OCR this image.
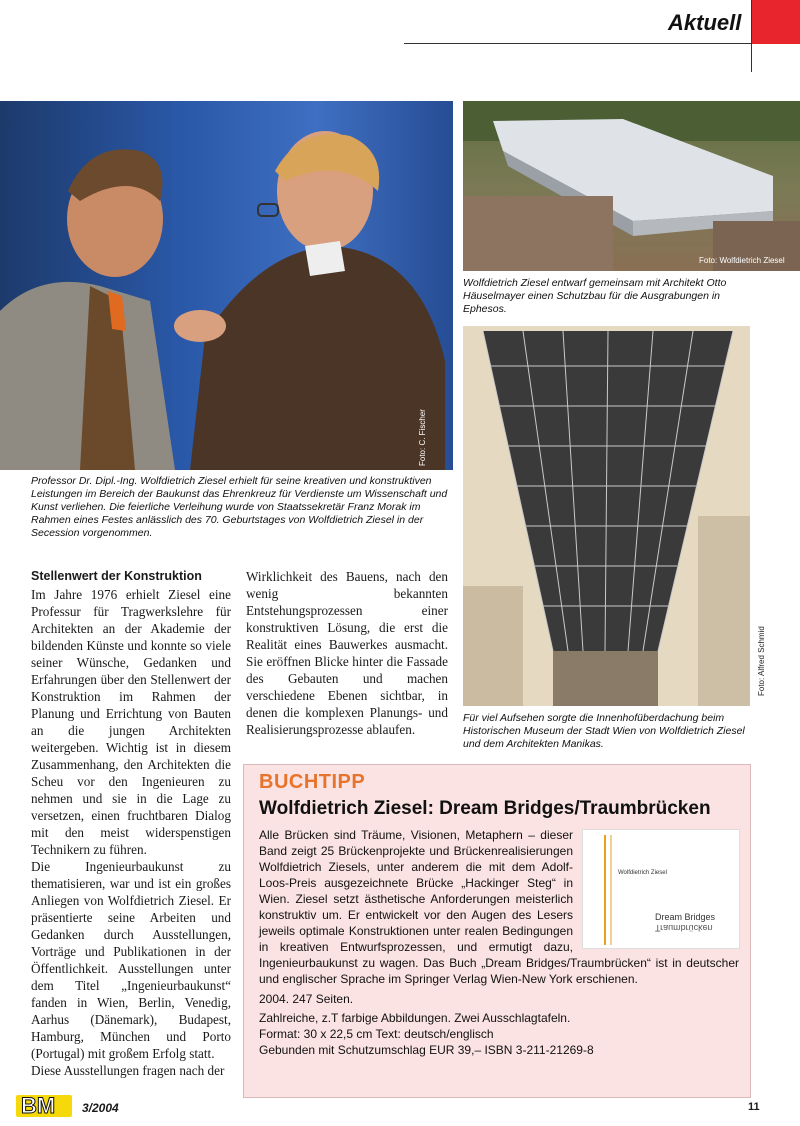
Aktuell
Foto: C. Fischer
Professor Dr. Dipl.-Ing. Wolfdietrich Ziesel erhielt für seine kreativen und konstruktiven Leistungen im Bereich der Baukunst das Ehrenkreuz für Verdienste um Wissenschaft und Kunst verliehen. Die feierliche Verleihung wurde von Staatssekretär Franz Morak im Rahmen eines Festes anlässlich des 70. Geburtstages von Wolfdietrich Ziesel in der Secession vorgenommen.
Foto: Wolfdietrich Ziesel
Wolfdietrich Ziesel entwarf gemeinsam mit Architekt Otto Häuselmayer einen Schutzbau für die Ausgrabungen in Ephesos.
Foto: Alfred Schmid
Für viel Aufsehen sorgte die Innenhofüberdachung beim Historischen Museum der Stadt Wien von Wolfdietrich Ziesel und dem Architekten Manikas.
Stellenwert der Konstruktion

Im Jahre 1976 erhielt Ziesel eine Professur für Tragwerkslehre für Architekten an der Akademie der bildenden Künste und konnte so viele seiner Wünsche, Gedanken und Erfahrungen über den Stellenwert der Konstruktion im Rahmen der Planung und Errichtung von Bauten an die jungen Architekten weitergeben. Wichtig ist in diesem Zusammenhang, den Architekten die Scheu vor den Ingenieuren zu nehmen und sie in die Lage zu versetzen, einen fruchtbaren Dialog mit den meist widerspenstigen Technikern zu führen.

Die Ingenieurbaukunst zu thematisieren, war und ist ein großes Anliegen von Wolfdietrich Ziesel. Er präsentierte seine Arbeiten und Gedanken durch Ausstellungen, Vorträge und Publikationen in der Öffentlichkeit. Ausstellungen unter dem Titel „Ingenieurbaukunst“ fanden in Wien, Berlin, Venedig, Aarhus (Dänemark), Budapest, Hamburg, München und Porto (Portugal) mit großem Erfolg statt.

Diese Ausstellungen fragen nach der

Wirklichkeit des Bauens, nach den wenig bekannten Entstehungsprozessen einer konstruktiven Lösung, die erst die Realität eines Bauwerkes ausmacht. Sie eröffnen Blicke hinter die Fassade des Gebauten und machen verschiedene Ebenen sichtbar, in denen die komplexen Planungs- und Realisierungsprozesse ablaufen.

BUCHTIPP
Wolfdietrich Ziesel: Dream Bridges/Traumbrücken
Wolfdietrich Ziesel
Dream Bridges
Traumbrücken
Alle Brücken sind Träume, Visionen, Metaphern – dieser Band zeigt 25 Brückenprojekte und Brückenrealisierungen Wolfdietrich Ziesels, unter anderem die mit dem Adolf-Loos-Preis ausgezeichnete Brücke „Hackinger Steg“ in Wien. Ziesel setzt ästhetische Anforderungen meisterlich konstruktiv um. Er entwickelt vor den Augen des Lesers jeweils optimale Konstruktionen unter realen Bedingungen in kreativen Entwurfsprozessen, und ermutigt dazu, Ingenieurbaukunst zu wagen. Das Buch „Dream Bridges/Traumbrücken“ ist in deutscher und englischer Sprache im Springer Verlag Wien-New York erschienen.
2004. 247 Seiten.
Zahlreiche, z.T farbige Abbildungen. Zwei Ausschlagtafeln.
Format: 30 x 22,5 cm Text: deutsch/englisch
Gebunden mit Schutzumschlag EUR 39,– ISBN 3-211-21269-8
BM 3/2004	11
